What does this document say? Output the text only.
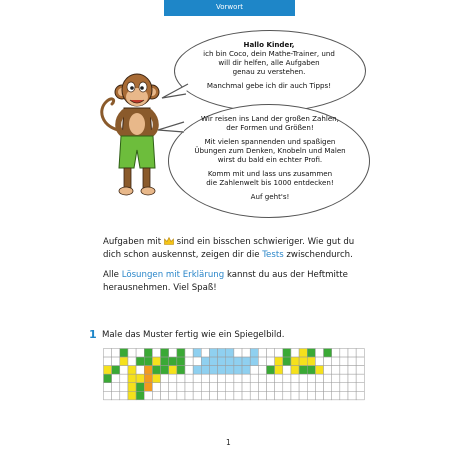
Vorwort

Hallo Kinder,

ich bin Coco, dein Mathe-Trainer, und

will dir helfen, alle Aufgaben

genau zu verstehen.

Manchmal gebe ich dir auch Tipps!

Wir reisen ins Land der großen Zahlen,

der Formen und Größen!

Mit vielen spannenden und spaßigen

Übungen zum Denken, Knobeln und Malen

wirst du bald ein echter Profi.

Komm mit und lass uns zusammen

die Zahlenwelt bis 1000 entdecken!

Auf geht's!

Aufgaben mit sind ein bisschen schwieriger. Wie gut du dich schon auskennst, zeigen dir die Tests zwischendurch.

Alle Lösungen mit Erklärung kannst du aus der Heftmitte herausnehmen. Viel Spaß!

1 Male das Muster fertig wie ein Spiegelbild.
1
